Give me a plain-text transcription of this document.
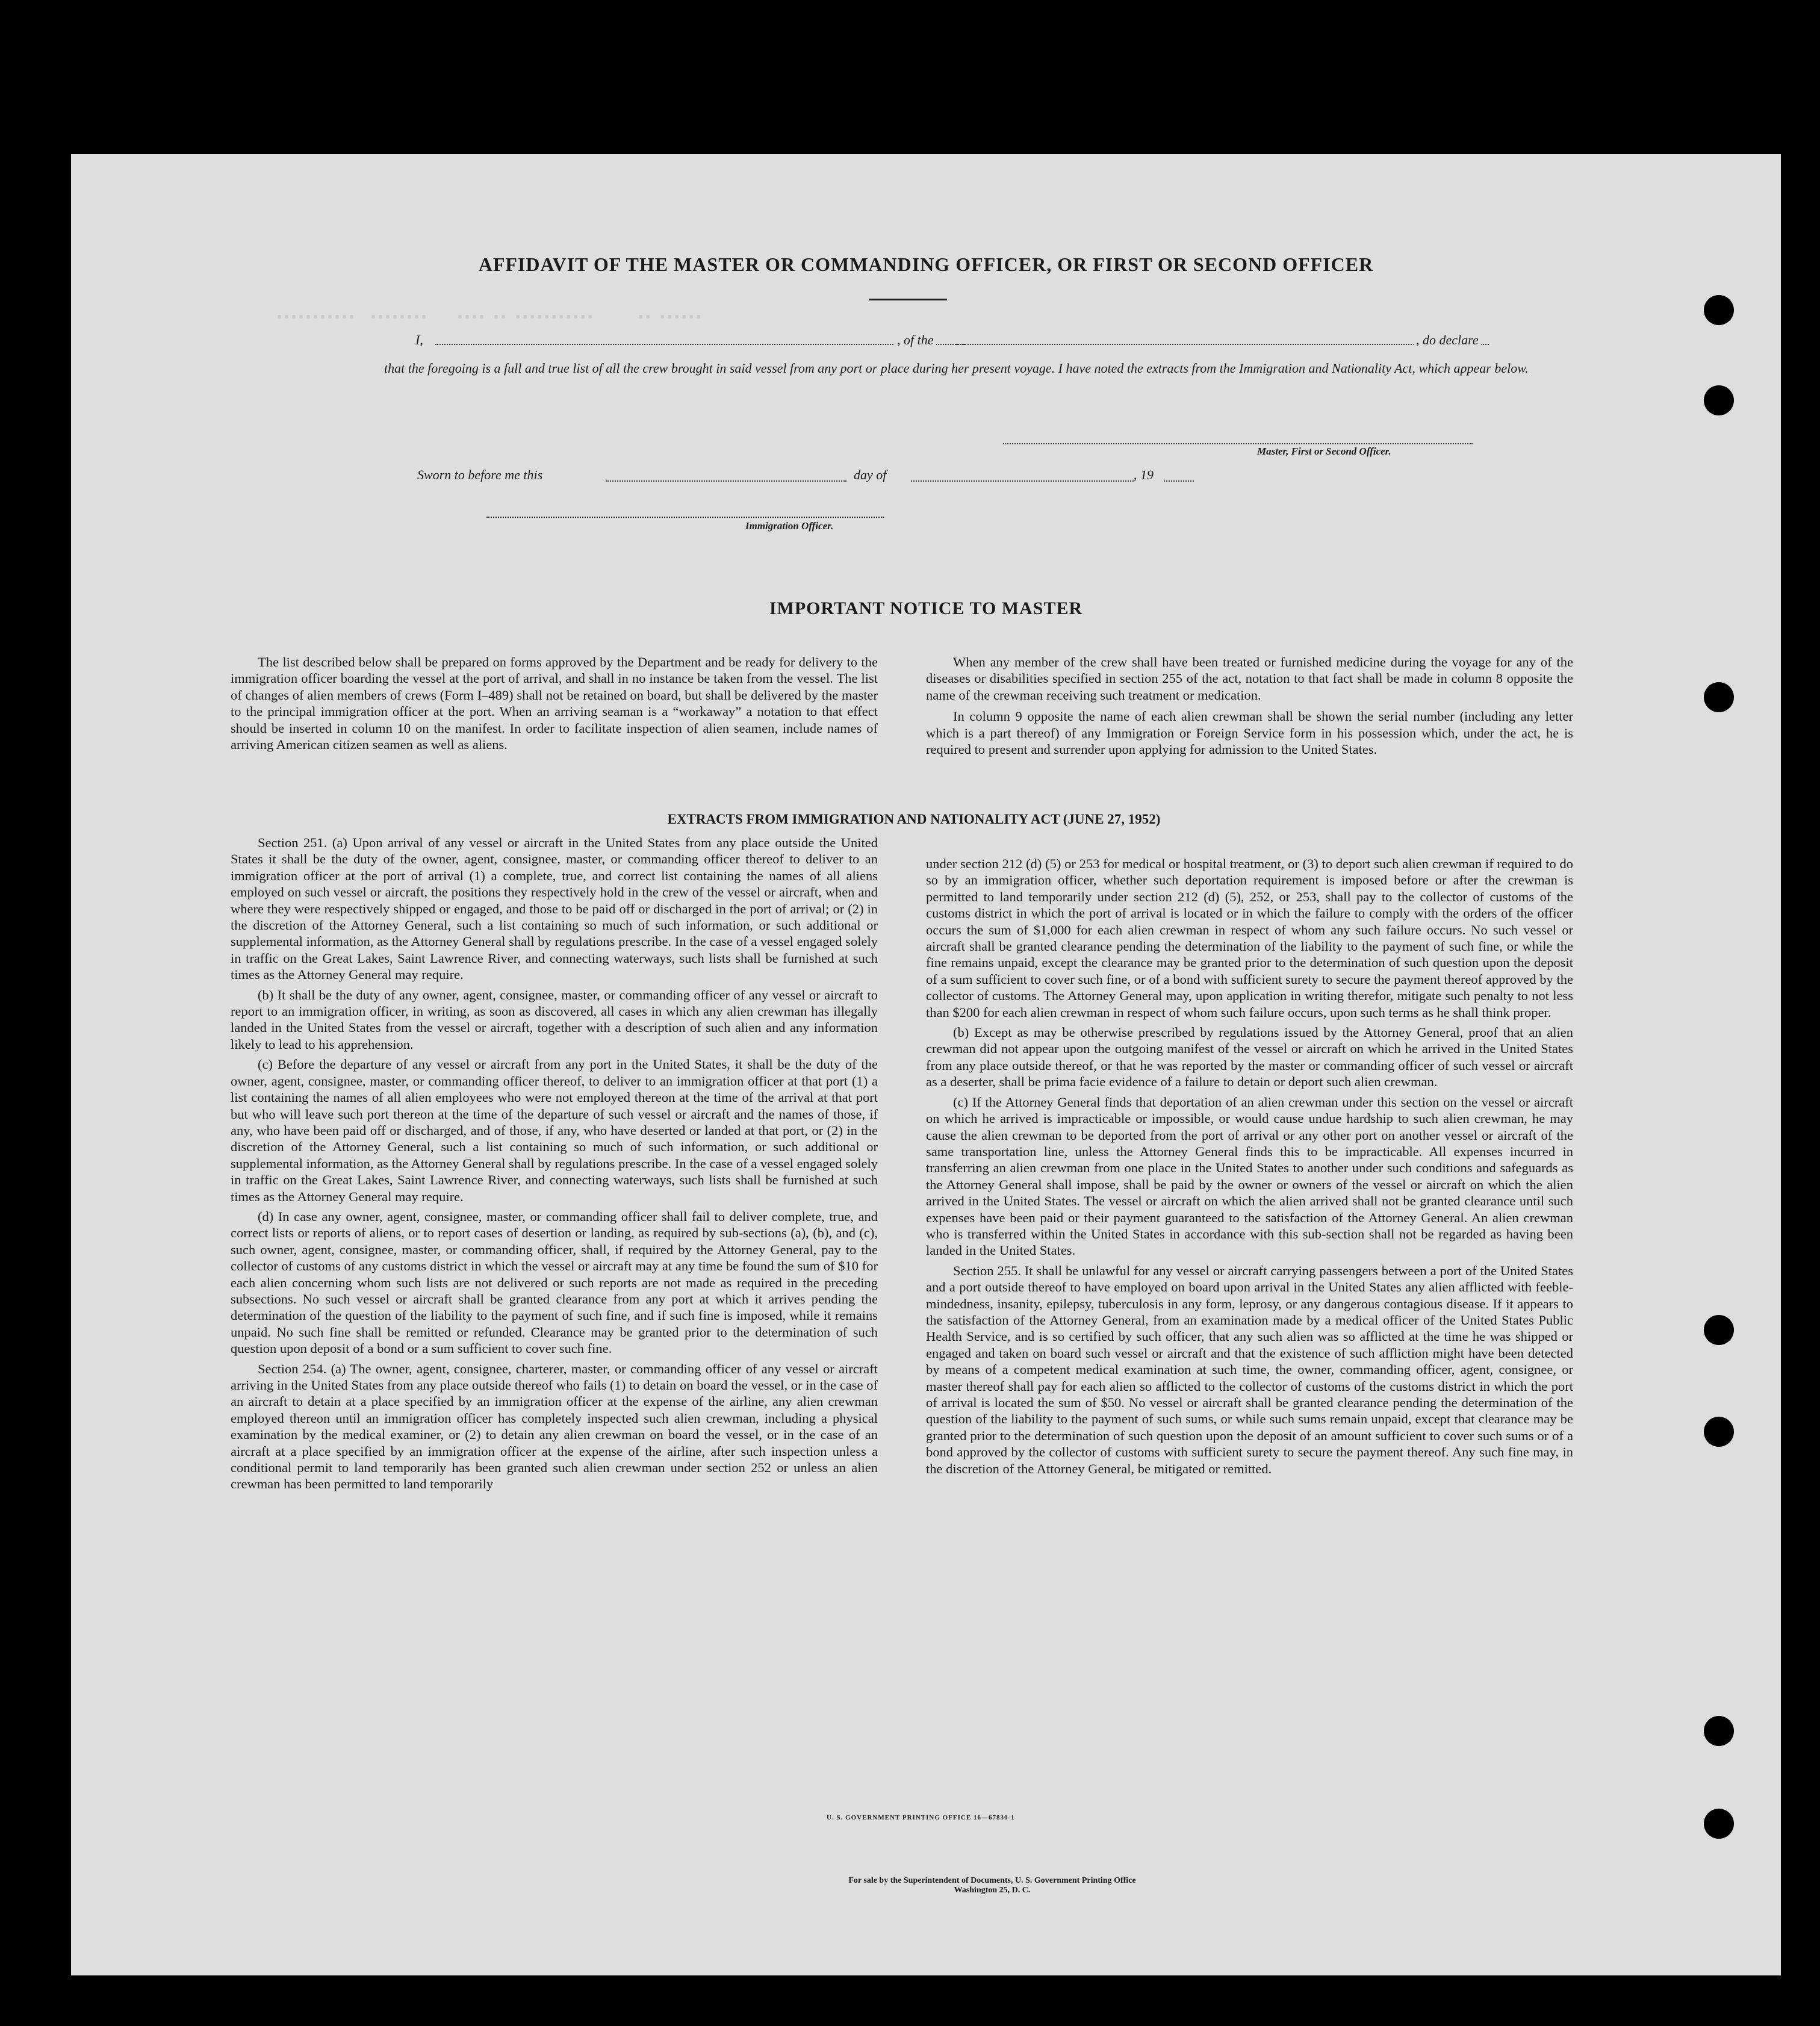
▪▪▪▪▪▪▪▪▪▪▪  ▪▪▪▪▪▪▪▪    ▪▪▪▪ ▪▪ ▪▪▪▪▪▪▪▪▪▪▪      ▪▪ ▪▪▪▪▪▪
AFFIDAVIT OF THE MASTER OR COMMANDING OFFICER, OR FIRST OR SECOND OFFICER
I,	, of the	, do declare
that the foregoing is a full and true list of all the crew brought in said vessel from any port or place during her present voyage. I have noted the extracts from the Immigration and Nationality Act, which appear below.
Master, First or Second Officer.
Sworn to before me this	day of	, 19
Immigration Officer.
IMPORTANT NOTICE TO MASTER

The list described below shall be prepared on forms approved by the Department and be ready for delivery to the immigration officer boarding the vessel at the port of arrival, and shall in no instance be taken from the vessel. The list of changes of alien members of crews (Form I–489) shall not be retained on board, but shall be delivered by the master to the principal immigration officer at the port. When an arriving seaman is a “workaway” a notation to that effect should be inserted in column 10 on the manifest. In order to facilitate inspection of alien seamen, include names of arriving American citizen seamen as well as aliens.

When any member of the crew shall have been treated or furnished medicine during the voyage for any of the diseases or disabilities specified in section 255 of the act, notation to that fact shall be made in column 8 opposite the name of the crewman receiving such treatment or medication.

In column 9 opposite the name of each alien crewman shall be shown the serial number (including any letter which is a part thereof) of any Immigration or Foreign Service form in his possession which, under the act, he is required to present and surrender upon applying for admission to the United States.

EXTRACTS FROM IMMIGRATION AND NATIONALITY ACT (JUNE 27, 1952)

Section 251. (a) Upon arrival of any vessel or aircraft in the United States from any place outside the United States it shall be the duty of the owner, agent, consignee, master, or commanding officer thereof to deliver to an immigration officer at the port of arrival (1) a complete, true, and correct list containing the names of all aliens employed on such vessel or aircraft, the positions they respectively hold in the crew of the vessel or aircraft, when and where they were respectively shipped or engaged, and those to be paid off or discharged in the port of arrival; or (2) in the discretion of the Attorney General, such a list containing so much of such information, or such additional or supplemental information, as the Attorney General shall by regulations prescribe. In the case of a vessel engaged solely in traffic on the Great Lakes, Saint Lawrence River, and connecting waterways, such lists shall be furnished at such times as the Attorney General may require.

(b) It shall be the duty of any owner, agent, consignee, master, or commanding officer of any vessel or aircraft to report to an immigration officer, in writing, as soon as discovered, all cases in which any alien crewman has illegally landed in the United States from the vessel or aircraft, together with a description of such alien and any information likely to lead to his apprehension.

(c) Before the departure of any vessel or aircraft from any port in the United States, it shall be the duty of the owner, agent, consignee, master, or commanding officer thereof, to deliver to an immigration officer at that port (1) a list containing the names of all alien employees who were not employed thereon at the time of the arrival at that port but who will leave such port thereon at the time of the departure of such vessel or aircraft and the names of those, if any, who have been paid off or discharged, and of those, if any, who have deserted or landed at that port, or (2) in the discretion of the Attorney General, such a list containing so much of such information, or such additional or supplemental information, as the Attorney General shall by regulations prescribe. In the case of a vessel engaged solely in traffic on the Great Lakes, Saint Lawrence River, and connecting waterways, such lists shall be furnished at such times as the Attorney General may require.

(d) In case any owner, agent, consignee, master, or commanding officer shall fail to deliver complete, true, and correct lists or reports of aliens, or to report cases of desertion or landing, as required by sub-sections (a), (b), and (c), such owner, agent, consignee, master, or commanding officer, shall, if required by the Attorney General, pay to the collector of customs of any customs district in which the vessel or aircraft may at any time be found the sum of $10 for each alien concerning whom such lists are not delivered or such reports are not made as required in the preceding subsections. No such vessel or aircraft shall be granted clearance from any port at which it arrives pending the determination of the question of the liability to the payment of such fine, and if such fine is imposed, while it remains unpaid. No such fine shall be remitted or refunded. Clearance may be granted prior to the determination of such question upon deposit of a bond or a sum sufficient to cover such fine.

Section 254. (a) The owner, agent, consignee, charterer, master, or commanding officer of any vessel or aircraft arriving in the United States from any place outside thereof who fails (1) to detain on board the vessel, or in the case of an aircraft to detain at a place specified by an immigration officer at the expense of the airline, any alien crewman employed thereon until an immigration officer has completely inspected such alien crewman, including a physical examination by the medical examiner, or (2) to detain any alien crewman on board the vessel, or in the case of an aircraft at a place specified by an immigration officer at the expense of the airline, after such inspection unless a conditional permit to land temporarily has been granted such alien crewman under section 252 or unless an alien crewman has been permitted to land temporarily

under section 212 (d) (5) or 253 for medical or hospital treatment, or (3) to deport such alien crewman if required to do so by an immigration officer, whether such deportation requirement is imposed before or after the crewman is permitted to land temporarily under section 212 (d) (5), 252, or 253, shall pay to the collector of customs of the customs district in which the port of arrival is located or in which the failure to comply with the orders of the officer occurs the sum of $1,000 for each alien crewman in respect of whom any such failure occurs. No such vessel or aircraft shall be granted clearance pending the determination of the liability to the payment of such fine, or while the fine remains unpaid, except the clearance may be granted prior to the determination of such question upon the deposit of a sum sufficient to cover such fine, or of a bond with sufficient surety to secure the payment thereof approved by the collector of customs. The Attorney General may, upon application in writing therefor, mitigate such penalty to not less than $200 for each alien crewman in respect of whom such failure occurs, upon such terms as he shall think proper.

(b) Except as may be otherwise prescribed by regulations issued by the Attorney General, proof that an alien crewman did not appear upon the outgoing manifest of the vessel or aircraft on which he arrived in the United States from any place outside thereof, or that he was reported by the master or commanding officer of such vessel or aircraft as a deserter, shall be prima facie evidence of a failure to detain or deport such alien crewman.

(c) If the Attorney General finds that deportation of an alien crewman under this section on the vessel or aircraft on which he arrived is impracticable or impossible, or would cause undue hardship to such alien crewman, he may cause the alien crewman to be deported from the port of arrival or any other port on another vessel or aircraft of the same transportation line, unless the Attorney General finds this to be impracticable. All expenses incurred in transferring an alien crewman from one place in the United States to another under such conditions and safeguards as the Attorney General shall impose, shall be paid by the owner or owners of the vessel or aircraft on which the alien arrived in the United States. The vessel or aircraft on which the alien arrived shall not be granted clearance until such expenses have been paid or their payment guaranteed to the satisfaction of the Attorney General. An alien crewman who is transferred within the United States in accordance with this sub-section shall not be regarded as having been landed in the United States.

Section 255. It shall be unlawful for any vessel or aircraft carrying passengers between a port of the United States and a port outside thereof to have employed on board upon arrival in the United States any alien afflicted with feeble-mindedness, insanity, epilepsy, tuberculosis in any form, leprosy, or any dangerous contagious disease. If it appears to the satisfaction of the Attorney General, from an examination made by a medical officer of the United States Public Health Service, and is so certified by such officer, that any such alien was so afflicted at the time he was shipped or engaged and taken on board such vessel or aircraft and that the existence of such affliction might have been detected by means of a competent medical examination at such time, the owner, commanding officer, agent, consignee, or master thereof shall pay for each alien so afflicted to the collector of customs of the customs district in which the port of arrival is located the sum of $50. No vessel or aircraft shall be granted clearance pending the determination of the question of the liability to the payment of such sums, or while such sums remain unpaid, except that clearance may be granted prior to the determination of such question upon the deposit of an amount sufficient to cover such sums or of a bond approved by the collector of customs with sufficient surety to secure the payment thereof. Any such fine may, in the discretion of the Attorney General, be mitigated or remitted.

U. S. GOVERNMENT PRINTING OFFICE 16—67830-1
For sale by the Superintendent of Documents, U. S. Government Printing Office
Washington 25, D. C.
